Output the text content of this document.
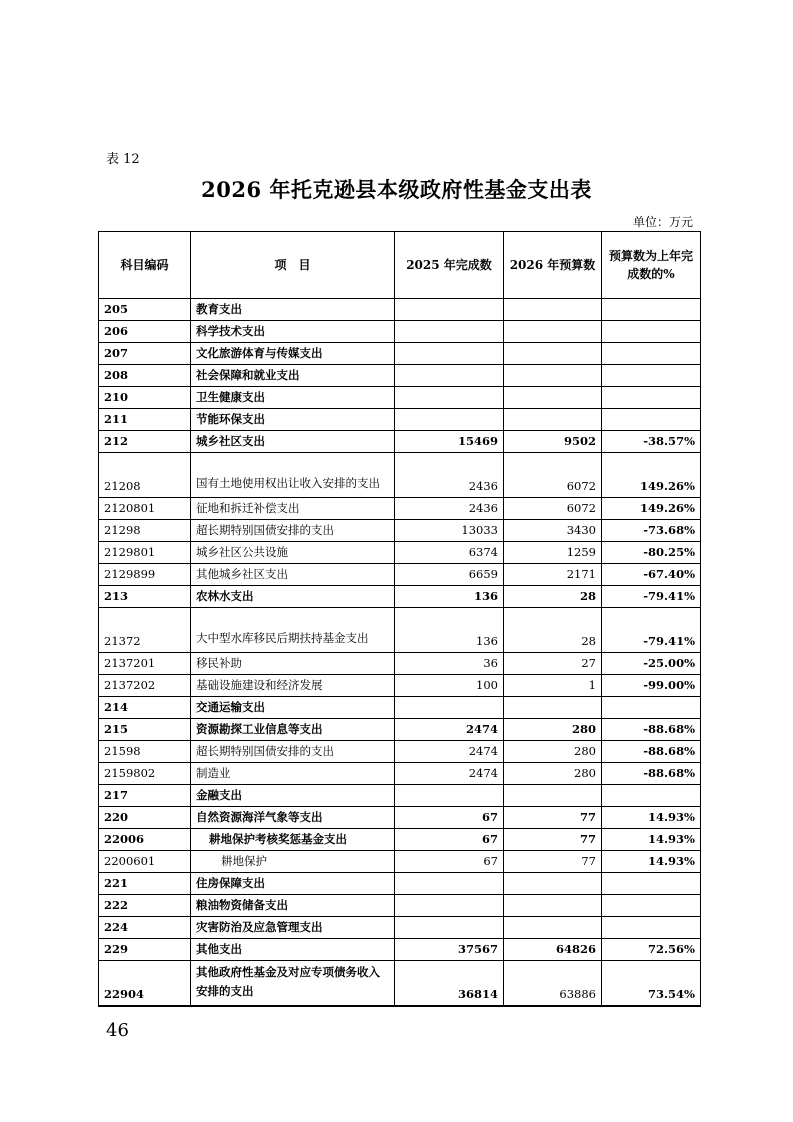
表 12
2026 年托克逊县本级政府性基金支出表
单位：万元
科目编码	项　目	2025 年完成数	2026 年预算数	预算数为上年完成数的%
205	教育支出			
206	科学技术支出			
207	文化旅游体育与传媒支出			
208	社会保障和就业支出			
210	卫生健康支出			
211	节能环保支出			
212	城乡社区支出	15469	9502	-38.57%
21208	国有土地使用权出让收入安排的支出	2436	6072	149.26%
2120801	征地和拆迁补偿支出	2436	6072	149.26%
21298	超长期特别国债安排的支出	13033	3430	-73.68%
2129801	城乡社区公共设施	6374	1259	-80.25%
2129899	其他城乡社区支出	6659	2171	-67.40%
213	农林水支出	136	28	-79.41%
21372	大中型水库移民后期扶持基金支出	136	28	-79.41%
2137201	移民补助	36	27	-25.00%
2137202	基础设施建设和经济发展	100	1	-99.00%
214	交通运输支出			
215	资源勘探工业信息等支出	2474	280	-88.68%
21598	超长期特别国债安排的支出	2474	280	-88.68%
2159802	制造业	2474	280	-88.68%
217	金融支出			
220	自然资源海洋气象等支出	67	77	14.93%
22006	耕地保护考核奖惩基金支出	67	77	14.93%
2200601	耕地保护	67	77	14.93%
221	住房保障支出			
222	粮油物资储备支出			
224	灾害防治及应急管理支出			
229	其他支出	37567	64826	72.56%
22904	其他政府性基金及对应专项债务收入安排的支出	36814	63886	73.54%
46
